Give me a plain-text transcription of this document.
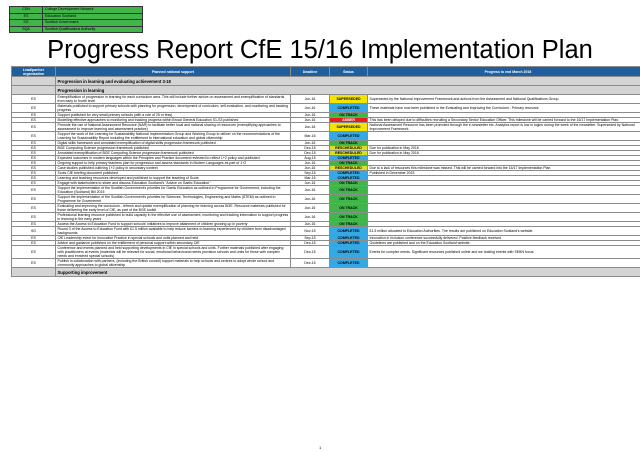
CDN	College Development Network
ES	Education Scotland
SG	Scottish Government
SQA	Scottish Qualifications Authority
Progress Report CfE 15/16 Implementation Plan
Lead/partner organisation	Planned national support	Deadline	Status	Progress to end March 2016
	Progression in learning and evaluating achievement 3-18			
	Progression in learning			
ES	Exemplification of progression in learning for each curriculum area. This will include further advice on assessment and exemplification of standards from early to fourth level	Jun-16	SUPERSEDED	Superseded by the National Improvement Framework and actions from the Assessment and National Qualifications Group.
ES	Materials published to support primary schools with planning for progression, development of curriculum, self-evaluation, and monitoring and tracking progress	Jun-16	COMPLETED	These materials have now been published in the Evaluating and Improving the Curriculum - Primary resource.
ES	Support published for very small primary schools (with a role of 25 or less)	Jun-16	ON TRACK	
ES	Modelling effective approaches to monitoring and tracking progress within Broad General Education S1-S3 published	Jun-16	AMBER	This has been delayed due to difficulties recruiting a Secondary Senior Education Officer. This milestone will be carried forward to the 16/17 Implementation Plan.
ES	Promote the use of National Assessment Resource (NAR) to facilitate better local and national sharing of resources (exemplifying approaches to assessment to improve learning and assessment practice)	Jun-16	SUPERSEDED	National Assessment Resource has been promoted through the e-newsletter etc. Analytics report is low in logins during the week of the newsletter. Superseded by National Improvement Framework.
ES	Support the work of the Learning for Sustainability National Implementation Group and Working Group to deliver on the recommendations of the Learning for Sustainability Report including the entitlement to international education and global citizenship	Mar-16	COMPLETED	
ES	Digital skills framework and annotated exemplification of digital skills progression framework published	Jun-16	ON TRACK	
ES	BGE Computing Science progression framework published	Dec-15	RESCHEDULED	Due for publication in May 2016
ES	Annotated exemplification of BGE Computing Science progression framework published	Dec-15	RESCHEDULED	Due for publication in May 2016
ES	Expected outcomes in modern languages within the Principles and Practice document reviewed to reflect 1+2 policy and published	Aug-15	COMPLETED	
ES	Ongoing support to help primary teachers plan for progression and assess standards in Modern Languages as part of 1+2	Jun-16	ON TRACK	
ES	Case studies published outlining 1+2 policy in secondary context	Jun-16	RESCHEDULED	Due to a lack of resources this milestone was missed. This will be carried forward into the 16/17 Implementation Plan
ES	Scots CfE briefing document published	Sep-15	COMPLETED	Published in December 2015
ES	Learning and teaching resources developed and published to support the teaching of Scots	Mar-16	COMPLETED	
ES	Engage with stakeholders to share and discuss Education Scotland's "Advice on Gaelic Education"	Jun-16	ON TRACK	
ES	Support the implementation of the Scottish Government's priorities for Gaelic Education as outlined in Programme for Government, including the Education (Scotland) Bill 2015	Jun-16	ON TRACK	
ES	Support the implementation of the Scottish Government's priorities for Sciences, Technologies, Engineering and Maths (STEM) as outlined in Programme for Government	Jun-16	ON TRACK	
ES	Evaluating and improving the curriculum - refresh and update exemplification of planning for learning across BGE. Resource materials published for those delivering the early level of CfE, as part of the BGE toolkit	Jun-16	ON TRACK	
ES	Professional learning resource published to build capacity in the effective use of assessment, monitoring and tracking information to support progress in learning in the early years	Jun-16	ON TRACK	
ES	Access the Access to Education Fund to support schools' initiatives to improve attainment of children growing up in poverty	Jun-16	ON TRACK	
SG	Round 3 of the Access to Education Fund with £1.5 million available to help reduce barriers to learning experienced by children from disadvantaged backgrounds	Nov-15	COMPLETED	£1.5 million allocated to Education Authorities. The results are published on Education Scotland's website.
ES	CfE Leadership event for Innovative Practice in special schools and units planned and held	Sep-15	COMPLETED	Innovation in Inclusion conference successfully delivered. Positive feedback received
ES	Advice and guidance published on the entitlement of personal support within secondary CfE	Dec-15	COMPLETED	Guidelines are published and on the Education Scotland website.
ES	Conference and events planned and held supporting developments in CfE in special schools and units. Further materials published after engaging with practitioners at events (materials will be relevant for social, emotional behavioural needs provision schools and units for those with complex needs and enriched special schools)	Dec-15	COMPLETED	Events for complex needs. Significant resources published online and we holding events with SEBN focus.
ES	Publish in collaboration with partners, (including the British council) support materials to help schools and centres to adopt whole school and community approaches to global citizenship	Dec-15	COMPLETED	
	Supporting improvement			
1
